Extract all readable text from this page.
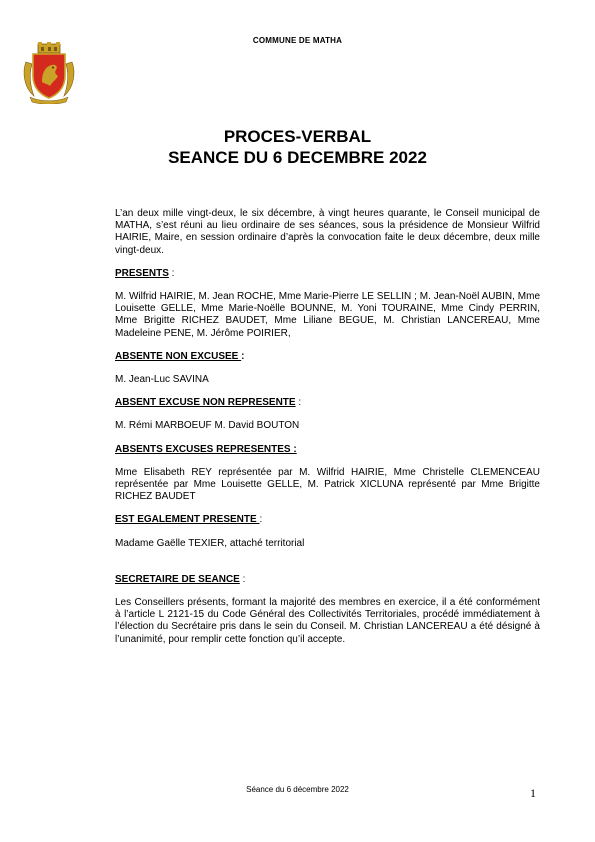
COMMUNE DE MATHA
PROCES-VERBAL
SEANCE DU 6 DECEMBRE 2022

L’an deux mille vingt-deux, le six décembre, à vingt heures quarante, le Conseil municipal de MATHA, s’est réuni au lieu ordinaire de ses séances, sous la présidence de Monsieur Wilfrid HAIRIE, Maire, en session ordinaire d’après la convocation faite le deux décembre, deux mille vingt-deux.

PRESENTS :

M. Wilfrid HAIRIE, M. Jean ROCHE, Mme Marie-Pierre LE SELLIN ; M. Jean-Noël AUBIN, Mme Louisette GELLE, Mme Marie-Noëlle BOUNNE, M. Yoni TOURAINE, Mme Cindy PERRIN, Mme Brigitte RICHEZ BAUDET, Mme Liliane BEGUE, M. Christian LANCEREAU, Mme Madeleine PENE, M. Jérôme POIRIER,

ABSENTE NON EXCUSEE :

M. Jean-Luc SAVINA

ABSENT EXCUSE NON REPRESENTE :

M. Rémi MARBOEUF M. David BOUTON

ABSENTS EXCUSES REPRESENTES :

Mme Elisabeth REY représentée par M. Wilfrid HAIRIE, Mme Christelle CLEMENCEAU représentée par Mme Louisette GELLE, M. Patrick XICLUNA représenté par Mme Brigitte RICHEZ BAUDET

EST EGALEMENT PRESENTE :

Madame Gaëlle TEXIER, attaché territorial

SECRETAIRE DE SEANCE :

Les Conseillers présents, formant la majorité des membres en exercice, il a été conformément à l’article L 2121-15 du Code Général des Collectivités Territoriales, procédé immédiatement à l’élection du Secrétaire pris dans le sein du Conseil. M. Christian LANCEREAU a été désigné à l’unanimité, pour remplir cette fonction qu’il accepte.

Séance du 6 décembre 2022	1
